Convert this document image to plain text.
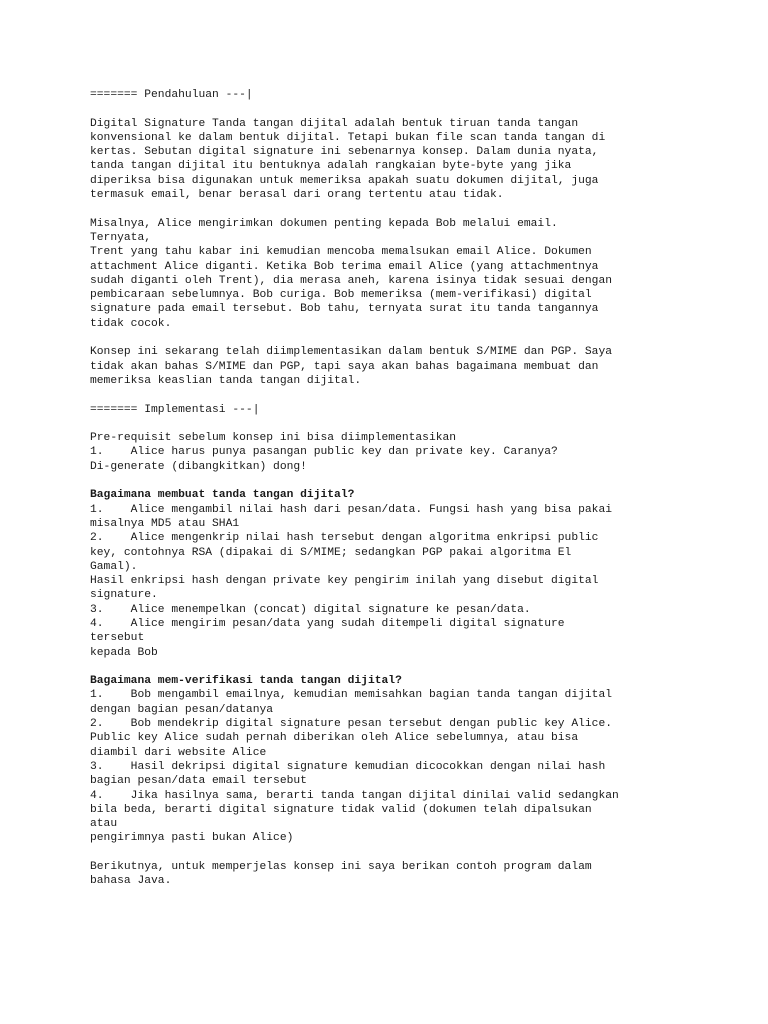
======= Pendahuluan ---|
Digital Signature Tanda tangan dijital adalah bentuk tiruan tanda tangan
konvensional ke dalam bentuk dijital. Tetapi bukan file scan tanda tangan di
kertas. Sebutan digital signature ini sebenarnya konsep. Dalam dunia nyata,
tanda tangan dijital itu bentuknya adalah rangkaian byte-byte yang jika
diperiksa bisa digunakan untuk memeriksa apakah suatu dokumen dijital, juga
termasuk email, benar berasal dari orang tertentu atau tidak.
Misalnya, Alice mengirimkan dokumen penting kepada Bob melalui email.
Ternyata,
Trent yang tahu kabar ini kemudian mencoba memalsukan email Alice. Dokumen
attachment Alice diganti. Ketika Bob terima email Alice (yang attachmentnya
sudah diganti oleh Trent), dia merasa aneh, karena isinya tidak sesuai dengan
pembicaraan sebelumnya. Bob curiga. Bob memeriksa (mem-verifikasi) digital
signature pada email tersebut. Bob tahu, ternyata surat itu tanda tangannya
tidak cocok.
Konsep ini sekarang telah diimplementasikan dalam bentuk S/MIME dan PGP. Saya
tidak akan bahas S/MIME dan PGP, tapi saya akan bahas bagaimana membuat dan
memeriksa keaslian tanda tangan dijital.
======= Implementasi ---|
Pre-requisit sebelum konsep ini bisa diimplementasikan
1.    Alice harus punya pasangan public key dan private key. Caranya?
Di-generate (dibangkitkan) dong!
Bagaimana membuat tanda tangan dijital?
1.    Alice mengambil nilai hash dari pesan/data. Fungsi hash yang bisa pakai
misalnya MD5 atau SHA1
2.    Alice mengenkrip nilai hash tersebut dengan algoritma enkripsi public
key, contohnya RSA (dipakai di S/MIME; sedangkan PGP pakai algoritma El
Gamal).
Hasil enkripsi hash dengan private key pengirim inilah yang disebut digital
signature.
3.    Alice menempelkan (concat) digital signature ke pesan/data.
4.    Alice mengirim pesan/data yang sudah ditempeli digital signature
tersebut
kepada Bob
Bagaimana mem-verifikasi tanda tangan dijital?
1.    Bob mengambil emailnya, kemudian memisahkan bagian tanda tangan dijital
dengan bagian pesan/datanya
2.    Bob mendekrip digital signature pesan tersebut dengan public key Alice.
Public key Alice sudah pernah diberikan oleh Alice sebelumnya, atau bisa
diambil dari website Alice
3.    Hasil dekripsi digital signature kemudian dicocokkan dengan nilai hash
bagian pesan/data email tersebut
4.    Jika hasilnya sama, berarti tanda tangan dijital dinilai valid sedangkan
bila beda, berarti digital signature tidak valid (dokumen telah dipalsukan
atau
pengirimnya pasti bukan Alice)
Berikutnya, untuk memperjelas konsep ini saya berikan contoh program dalam
bahasa Java.
